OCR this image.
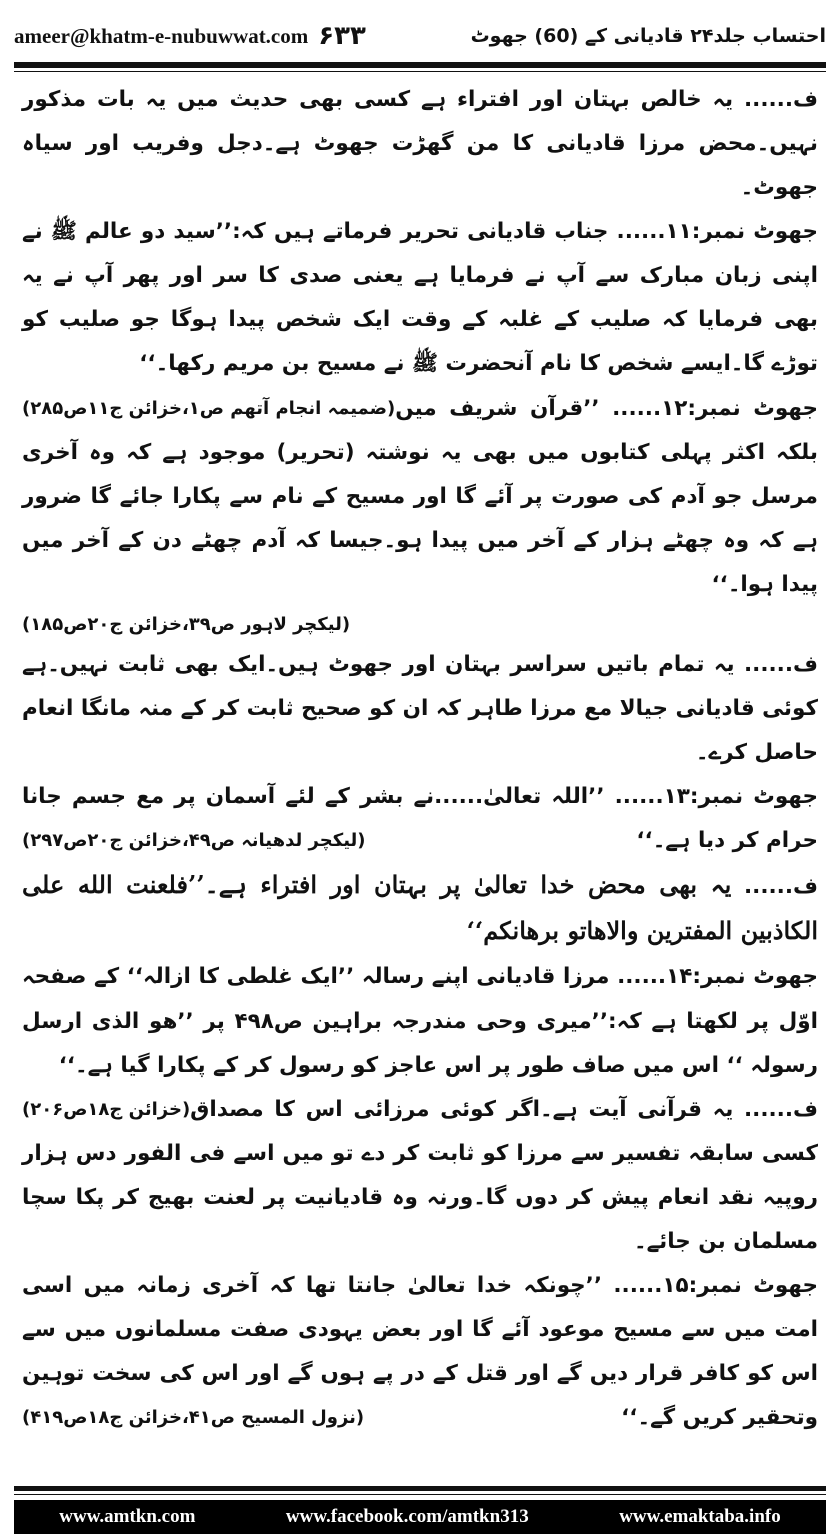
ameer@khatm-e-nubuwwat.com ۶۳۳	احتساب جلد۲۴ قادیانی کے (60) جھوٹ

ف...... یہ خالص بہتان اور افتراء ہے کسی بھی حدیث میں یہ بات مذکور نہیں۔محض مرزا قادیانی کا من گھڑت جھوٹ ہے۔دجل وفریب اور سیاہ جھوٹ۔

جھوٹ نمبر:۱۱...... جناب قادیانی تحریر فرماتے ہیں کہ:’’سید دو عالم ﷺ نے اپنی زبان مبارک سے آپ نے فرمایا ہے یعنی صدی کا سر اور پھر آپ نے یہ بھی فرمایا کہ صلیب کے غلبہ کے وقت ایک شخص پیدا ہوگا جو صلیب کو توڑے گا۔ایسے شخص کا نام آنحضرت ﷺ نے مسیح بن مریم رکھا۔‘‘
(ضمیمہ انجام آتھم ص۱،خزائن ج۱۱ص۲۸۵)	جھوٹ نمبر:۱۲...... ’’قرآن شریف میں بلکہ اکثر پہلی کتابوں میں بھی یہ نوشتہ (تحریر) موجود ہے کہ وہ آخری مرسل جو آدم کی صورت پر آئے گا اور مسیح کے نام سے پکارا جائے گا ضرور ہے کہ وہ چھٹے ہزار کے آخر میں پیدا ہو۔جیسا کہ آدم چھٹے دن کے آخر میں پیدا ہوا۔‘‘

(لیکچر لاہور ص۳۹،خزائن ج۲۰ص۱۸۵)

ف...... یہ تمام باتیں سراسر بہتان اور جھوٹ ہیں۔ایک بھی ثابت نہیں۔ہے کوئی قادیانی جیالا مع مرزا طاہر کہ ان کو صحیح ثابت کر کے منہ مانگا انعام حاصل کرے۔

جھوٹ نمبر:۱۳...... ’’اللہ تعالیٰ......نے بشر کے لئے آسمان پر مع جسم جانا حرام کر دیا ہے۔‘‘
(لیکچر لدھیانہ ص۴۹،خزائن ج۲۰ص۲۹۷)

ف...... یہ بھی محض خدا تعالیٰ پر بہتان اور افتراء ہے۔’’فلعنت الله علی الکاذبین المفترین والاھاتو برھانکم‘‘

جھوٹ نمبر:۱۴...... مرزا قادیانی اپنے رسالہ ’’ایک غلطی کا ازالہ‘‘ کے صفحہ اوّل پر لکھتا ہے کہ:’’میری وحی مندرجہ براہین ص۴۹۸ پر ’’ھو الذی ارسل رسولہ ‘‘ اس میں صاف طور پر اس عاجز کو رسول کر کے پکارا گیا ہے۔‘‘
(خزائن ج۱۸ص۲۰۶)	ف...... یہ قرآنی آیت ہے۔اگر کوئی مرزائی اس کا مصداق کسی سابقہ تفسیر سے مرزا کو ثابت کر دے تو میں اسے فی الفور دس ہزار روپیہ نقد انعام پیش کر دوں گا۔ورنہ وہ قادیانیت پر لعنت بھیج کر پکا سچا مسلمان بن جائے۔

جھوٹ نمبر:۱۵...... ’’چونکہ خدا تعالیٰ جانتا تھا کہ آخری زمانہ میں اسی امت میں سے مسیح موعود آئے گا اور بعض یہودی صفت مسلمانوں میں سے اس کو کافر قرار دیں گے اور قتل کے در پے ہوں گے اور اس کی سخت توہین وتحقیر کریں گے۔‘‘
(نزول المسیح ص۴۱،خزائن ج۱۸ص۴۱۹)

www.amtkn.com	www.facebook.com/amtkn313	www.emaktaba.info
